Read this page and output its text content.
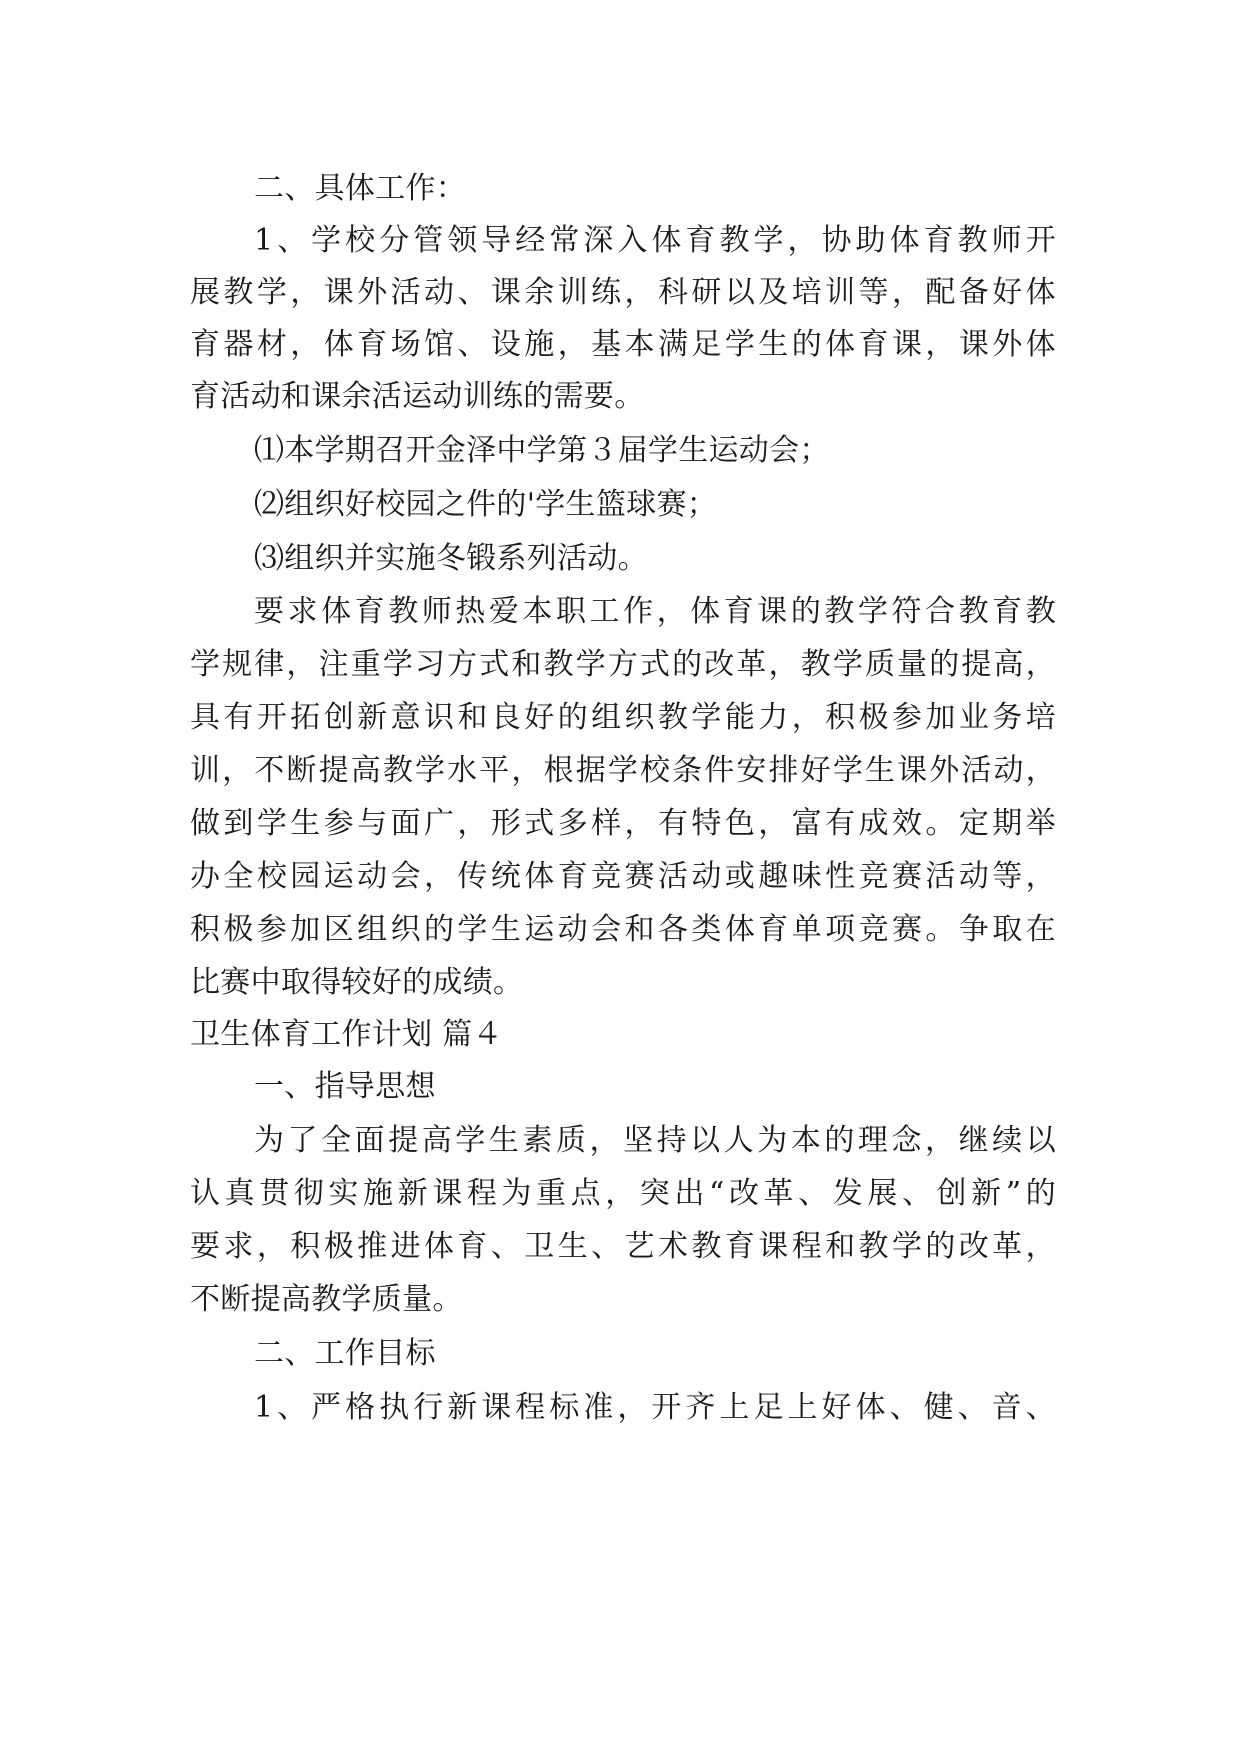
二、具体工作：
1、学校分管领导经常深入体育教学，协助体育教师开
展教学，课外活动、课余训练，科研以及培训等，配备好体
育器材，体育场馆、设施，基本满足学生的体育课，课外体
育活动和课余活运动训练的需要。
⑴本学期召开金泽中学第３届学生运动会；
⑵组织好校园之件的'学生篮球赛；
⑶组织并实施冬锻系列活动。
要求体育教师热爱本职工作，体育课的教学符合教育教
学规律，注重学习方式和教学方式的改革，教学质量的提高，
具有开拓创新意识和良好的组织教学能力，积极参加业务培
训，不断提高教学水平，根据学校条件安排好学生课外活动，
做到学生参与面广，形式多样，有特色，富有成效。定期举
办全校园运动会，传统体育竞赛活动或趣味性竞赛活动等，
积极参加区组织的学生运动会和各类体育单项竞赛。争取在
比赛中取得较好的成绩。
卫生体育工作计划 篇４
一、指导思想
为了全面提高学生素质，坚持以人为本的理念，继续以
认真贯彻实施新课程为重点，突出“改革、发展、创新”的
要求，积极推进体育、卫生、艺术教育课程和教学的改革，
不断提高教学质量。
二、工作目标
1、严格执行新课程标准，开齐上足上好体、健、音、
